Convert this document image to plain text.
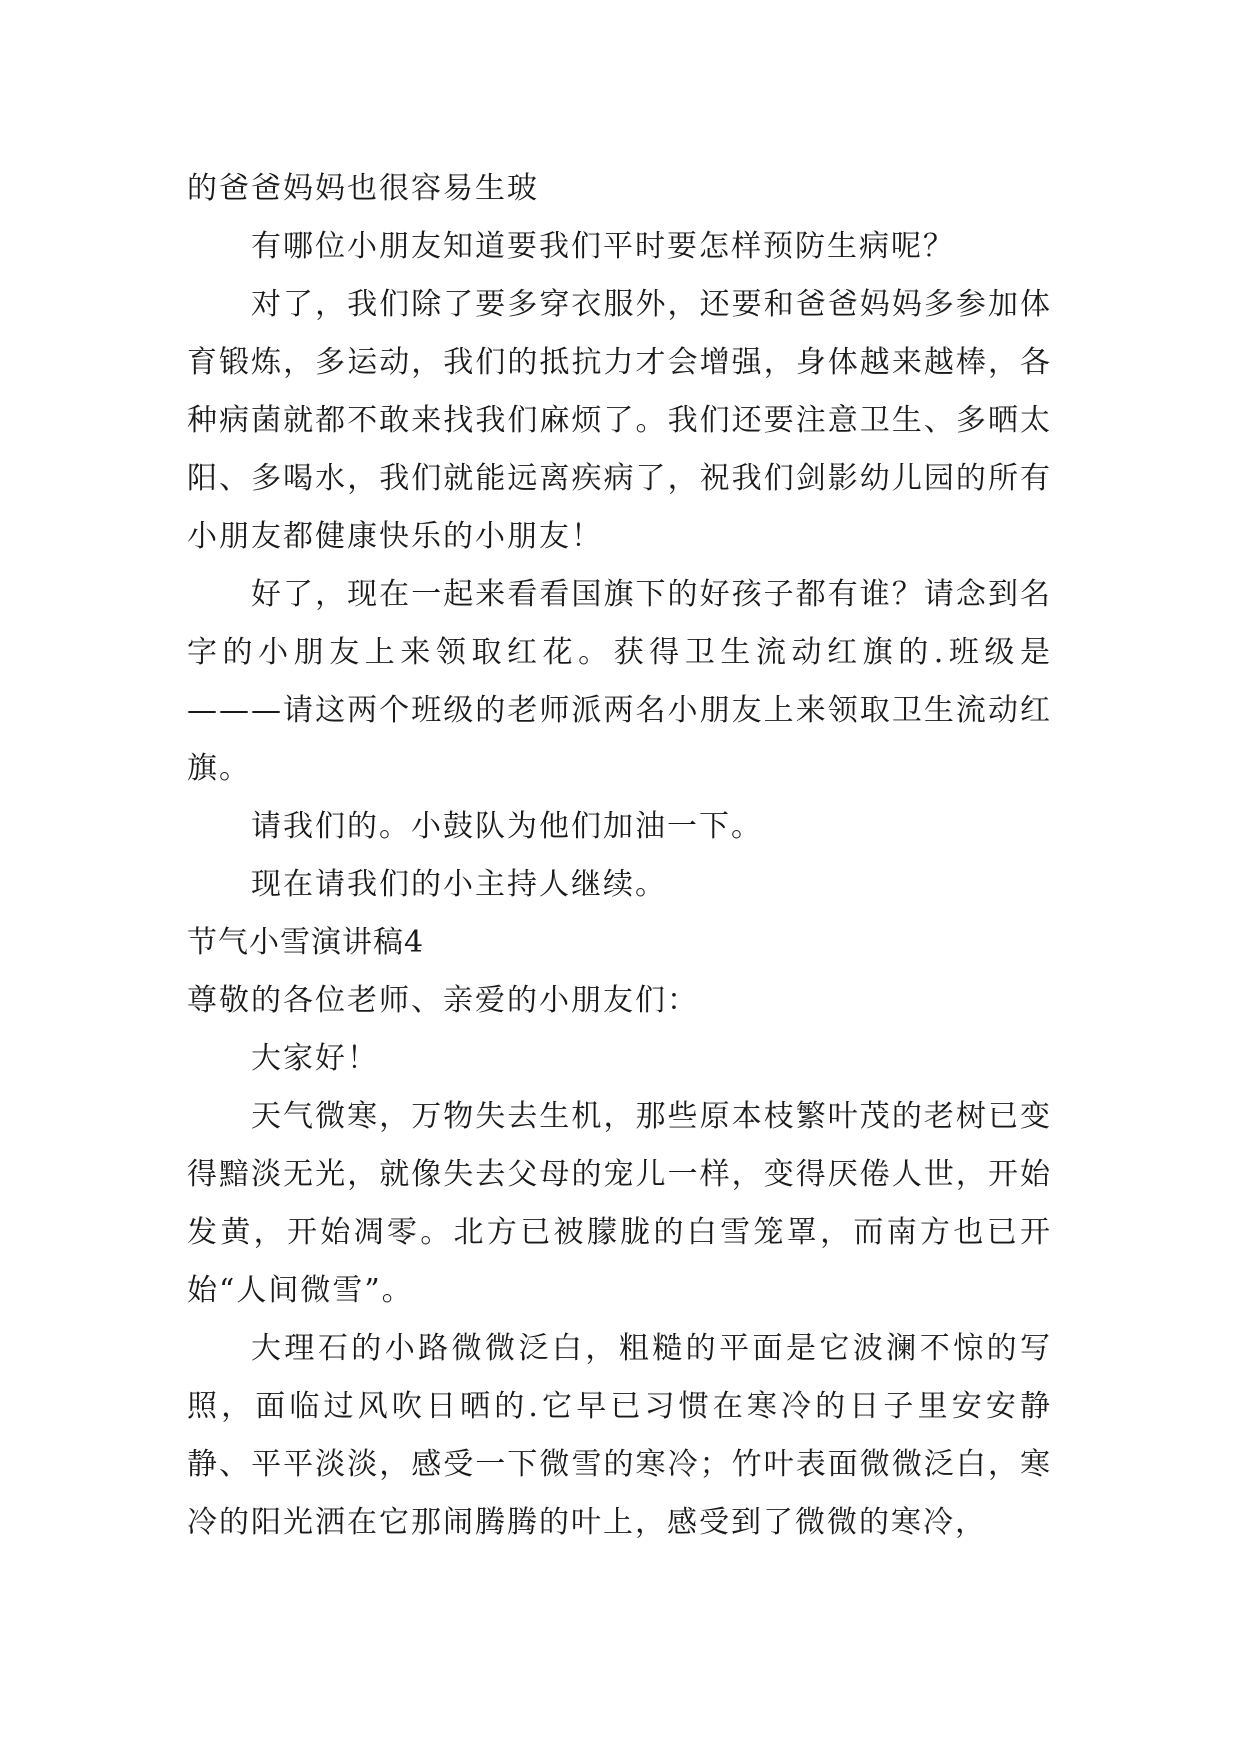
的爸爸妈妈也很容易生玻

有哪位小朋友知道要我们平时要怎样预防生病呢？

对了，我们除了要多穿衣服外，还要和爸爸妈妈多参加体育锻炼，多运动，我们的抵抗力才会增强，身体越来越棒，各种病菌就都不敢来找我们麻烦了。我们还要注意卫生、多晒太阳、多喝水，我们就能远离疾病了，祝我们剑影幼儿园的所有小朋友都健康快乐的小朋友！

好了，现在一起来看看国旗下的好孩子都有谁？请念到名字的小朋友上来领取红花。获得卫生流动红旗的.班级是———请这两个班级的老师派两名小朋友上来领取卫生流动红旗。

请我们的。小鼓队为他们加油一下。

现在请我们的小主持人继续。

节气小雪演讲稿4

尊敬的各位老师、亲爱的小朋友们：

大家好！

天气微寒，万物失去生机，那些原本枝繁叶茂的老树已变得黯淡无光，就像失去父母的宠儿一样，变得厌倦人世，开始发黄，开始凋零。北方已被朦胧的白雪笼罩，而南方也已开始“人间微雪”。

大理石的小路微微泛白，粗糙的平面是它波澜不惊的写照，面临过风吹日晒的.它早已习惯在寒冷的日子里安安静静、平平淡淡，感受一下微雪的寒冷；竹叶表面微微泛白，寒冷的阳光洒在它那闹腾腾的叶上，感受到了微微的寒冷，
